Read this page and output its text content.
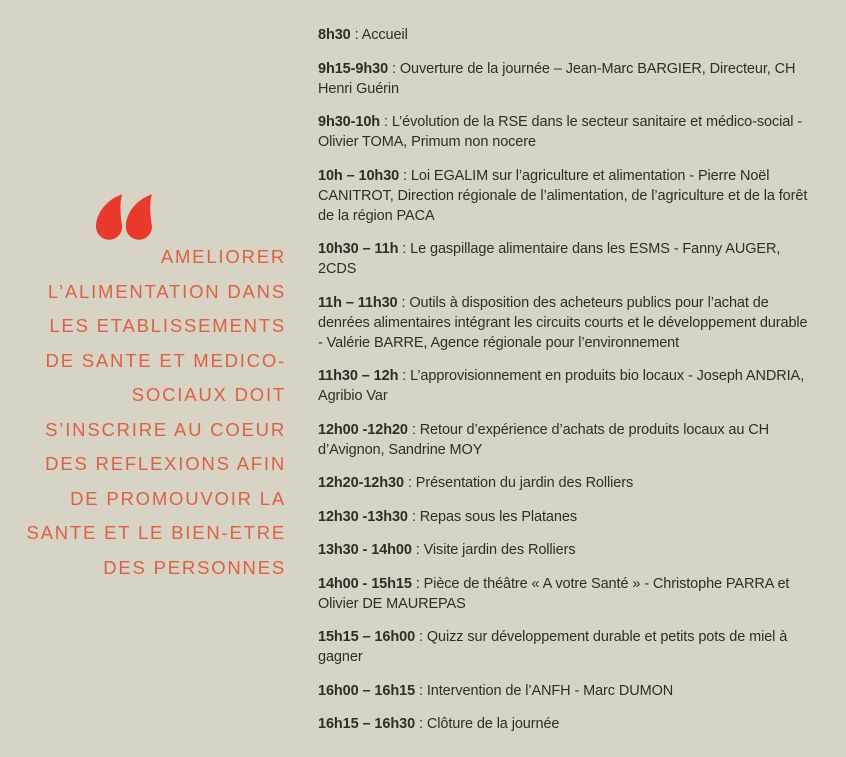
AMELIORER
L’ALIMENTATION DANS
LES ETABLISSEMENTS
DE SANTE ET MEDICO-
SOCIAUX DOIT
S’INSCRIRE AU COEUR
DES REFLEXIONS AFIN
DE PROMOUVOIR LA
SANTE ET LE BIEN-ETRE
DES PERSONNES

8h30 : Accueil

9h15-9h30 : Ouverture de la journée – Jean-Marc BARGIER, Directeur, CH Henri Guérin

9h30-10h : L’évolution de la RSE dans le secteur sanitaire et médico-social - Olivier TOMA, Primum non nocere

10h – 10h30 : Loi EGALIM sur l’agriculture et alimentation - Pierre Noël CANITROT, Direction régionale de l’alimentation, de l’agriculture et de la forêt de la région PACA

10h30 – 11h : Le gaspillage alimentaire dans les ESMS - Fanny AUGER, 2CDS

11h – 11h30 : Outils à disposition des acheteurs publics pour l’achat de denrées alimentaires intégrant les circuits courts et le développement durable - Valérie BARRE, Agence régionale pour l’environnement

11h30 – 12h : L’approvisionnement en produits bio locaux - Joseph ANDRIA, Agribio Var

12h00 -12h20 : Retour d’expérience d’achats de produits locaux au CH d’Avignon, Sandrine MOY

12h20-12h30 : Présentation du jardin des Rolliers

12h30 -13h30 : Repas sous les Platanes

13h30 - 14h00 : Visite jardin des Rolliers

14h00 - 15h15 : Pièce de théâtre « A votre Santé » - Christophe PARRA et Olivier DE MAUREPAS

15h15 – 16h00 : Quizz sur développement durable et petits pots de miel à gagner

16h00 – 16h15 : Intervention de l’ANFH - Marc DUMON

16h15 – 16h30 : Clôture de la journée
